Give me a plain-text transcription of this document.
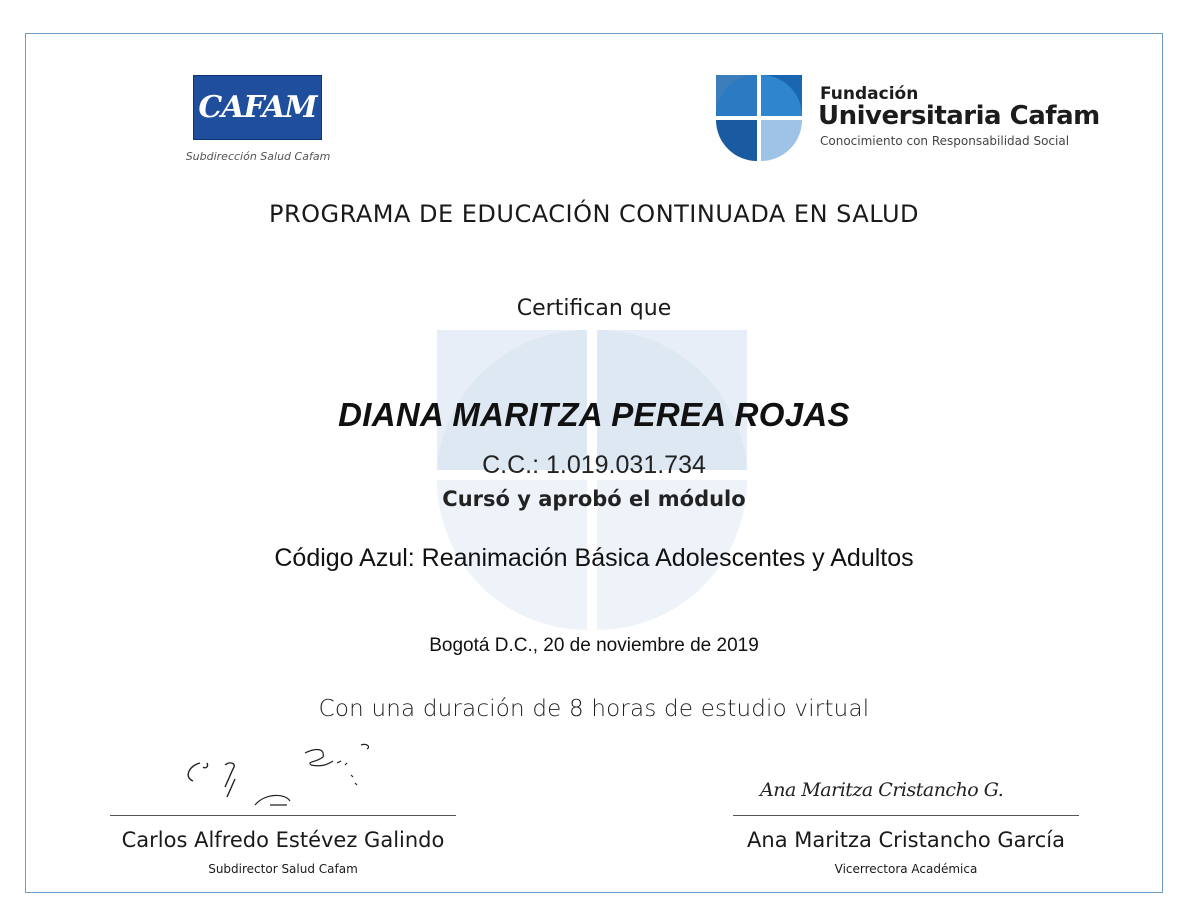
CAFAM
Subdirección Salud Cafam
Fundación
Universitaria Cafam
Conocimiento con Responsabilidad Social
PROGRAMA DE EDUCACIÓN CONTINUADA EN SALUD
Certifican que
DIANA MARITZA PEREA ROJAS
C.C.: 1.019.031.734
Cursó y aprobó el módulo
Código Azul: Reanimación Básica Adolescentes y Adultos
Bogotá D.C., 20 de noviembre de 2019
Con una duración de 8 horas de estudio virtual
Carlos Alfredo Estévez Galindo
Subdirector Salud Cafam
Ana Maritza Cristancho G.
Ana Maritza Cristancho García
Vicerrectora Académica
